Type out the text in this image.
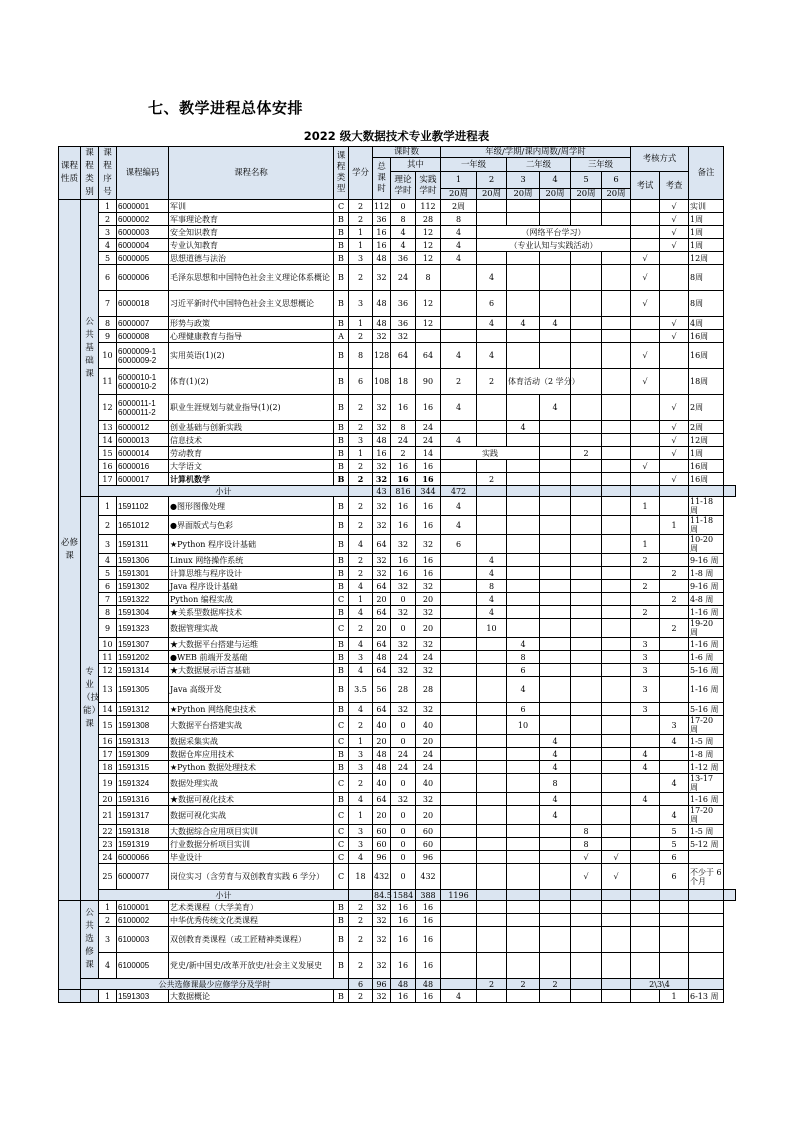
七、教学进程总体安排
2022 级大数据技术专业教学进程表
课程性质	课程类别	课程序号	课程编码	课程名称	课程类型	学分	课时数			年级/学期/课内周数/周学时						考核方式		备注	
							总课时	其中		一年级		二年级		三年级					
								理论学时	实践学时	1	2	3	4	5	6	考试	考查		
										20周	20周	20周	20周	20周	20周				
必修课	公共基础课	1	6000001	军训	C	2	112	0	112	2周							√	实训	
		2	6000002	军事理论教育	B	2	36	8	28	8							√	1周	
		3	6000003	安全知识教育	B	1	16	4	12	4	（网络平台学习）						√	1周	
		4	6000004	专业认知教育	B	1	16	4	12	4	（专业认知与实践活动）						√	1周	
		5	6000005	思想道德与法治	B	3	48	36	12	4						√		12周	
		6	6000006	毛泽东思想和中国特色社会主义理论体系概论	B	2	32	24	8		4					√		8周	
		7	6000018	习近平新时代中国特色社会主义思想概论	B	3	48	36	12		6					√		8周	
		8	6000007	形势与政策	B	1	48	36	12		4	4	4				√	4周	
		9	6000008	心理健康教育与指导	A	2	32	32									√	16周	
		10	6000009-1
6000009-2	实用英语(1)(2)	B	8	128	64	64	4	4					√		16周	
		11	6000010-1
6000010-2	体育(1)(2)	B	6	108	18	90	2	2	体育活动（2 学分）				√		18周	
		12	6000011-1
6000011-2	职业生涯规划与就业指导(1)(2)	B	2	32	16	16	4			4				√	2周	
		13	6000012	创业基础与创新实践	B	2	32	8	24			4					√	2周	
		14	6000013	信息技术	B	3	48	24	24	4							√	12周	
		15	6000014	劳动教育	B	1	16	2	14	实践				2			√	1周	
		16	6000016	大学语文	B	2	32	16	16							√		16周	
		17	6000017	计算机数学	B	2	32	16	16		2						√	16周	
		小计					43	816	344	472									
	专业（技能）课	1	1591102	●图形图像处理	B	2	32	16	16	4						1		11-18 周	
		2	1651012	●界面版式与色彩	B	2	32	16	16	4							1	11-18 周	
		3	1591311	★Python 程序设计基础	B	4	64	32	32	6						1		10-20 周	
		4	1591306	Linux 网络操作系统	B	2	32	16	16		4					2		9-16 周	
		5	1591301	计算思维与程序设计	B	2	32	16	16		4						2	1-8 周	
		6	1591302	Java 程序设计基础	B	4	64	32	32		8					2		9-16 周	
		7	1591322	Python 编程实战	C	1	20	0	20		4						2	4-8 周	
		8	1591304	★关系型数据库技术	B	4	64	32	32		4					2		1-16 周	
		9	1591323	数据管理实战	C	2	20	0	20		10						2	19-20 周	
		10	1591307	★大数据平台搭建与运维	B	4	64	32	32			4				3		1-16 周	
		11	1591202	●WEB 前端开发基础	B	3	48	24	24			8				3		1-6 周	
		12	1591314	★大数据展示语言基础	B	4	64	32	32			6				3		5-16 周	
		13	1591305	Java 高级开发	B	3.5	56	28	28			4				3		1-16 周	
		14	1591312	★Python 网络爬虫技术	B	4	64	32	32			6				3		5-16 周	
		15	1591308	大数据平台搭建实战	C	2	40	0	40			10					3	17-20 周	
		16	1591313	数据采集实战	C	1	20	0	20				4				4	1-5 周	
		17	1591309	数据仓库应用技术	B	3	48	24	24				4			4		1-8 周	
		18	1591315	★Python 数据处理技术	B	3	48	24	24				4			4		1-12 周	
		19	1591324	数据处理实战	C	2	40	0	40				8				4	13-17 周	
		20	1591316	★数据可视化技术	B	4	64	32	32				4			4		1-16 周	
		21	1591317	数据可视化实战	C	1	20	0	20				4				4	17-20 周	
		22	1591318	大数据综合应用项目实训	C	3	60	0	60					8			5	1-5 周	
		23	1591319	行业数据分析项目实训	C	3	60	0	60					8			5	5-12 周	
		24	6000066	毕业设计	C	4	96	0	96					√	√		6		
		25	6000077	岗位实习（含劳育与双创教育实践 6 学分）	C	18	432	0	432					√	√		6	不少于 6 个月	
		小计					84.5	1584	388	1196									
	公共选修课	1	6100001	艺术类课程（大学美育）	B	2	32	16	16										
		2	6100002	中华优秀传统文化类课程	B	2	32	16	16										
		3	6100003	双创教育类课程（或工匠精神类课程）	B	2	32	16	16										
		4	6100005	党史/新中国史/改革开放史/社会主义发展史	B	2	32	16	16										
	公共选修课最少应修学分及学时					6	96	48	48		2	2	2			2\3\4			
		1	1591303	大数据概论	B	2	32	16	16	4							1	6-13 周	
